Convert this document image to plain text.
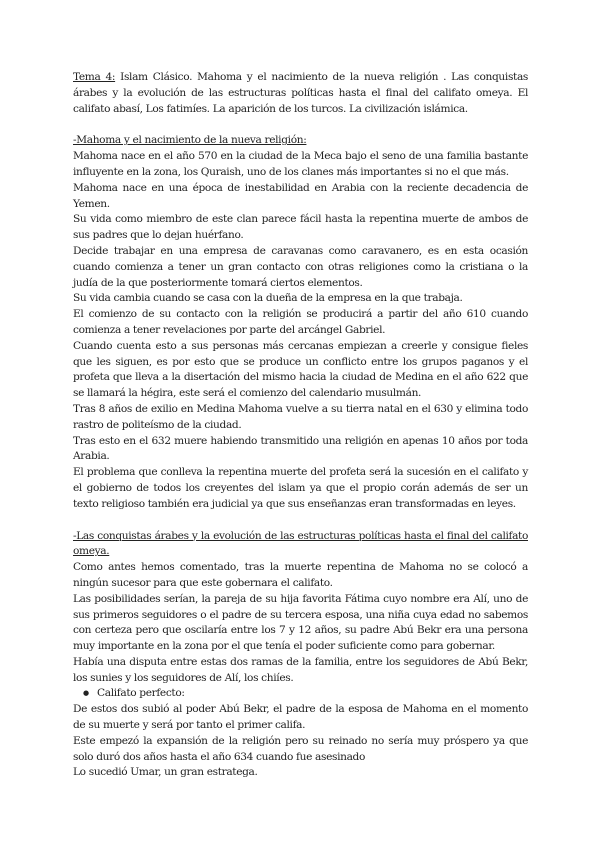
Tema 4: Islam Clásico. Mahoma y el nacimiento de la nueva religión . Las conquistas árabes y la evolución de las estructuras políticas hasta el final del califato omeya. El califato abasí, Los fatimíes. La aparición de los turcos. La civilización islámica.

-Mahoma y el nacimiento de la nueva religión:

Mahoma nace en el año 570 en la ciudad de la Meca bajo el seno de una familia bastante influyente en la zona, los Quraish, uno de los clanes más importantes si no el que más.

Mahoma nace en una época de inestabilidad en Arabia con la reciente decadencia de Yemen.

Su vida como miembro de este clan parece fácil hasta la repentina muerte de ambos de sus padres que lo dejan huérfano.

Decide trabajar en una empresa de caravanas como caravanero, es en esta ocasión cuando comienza a tener un gran contacto con otras religiones como la cristiana o la judía de la que posteriormente tomará ciertos elementos.

Su vida cambia cuando se casa con la dueña de la empresa en la que trabaja.

El comienzo de su contacto con la religión se producirá a partir del año 610 cuando comienza a tener revelaciones por parte del arcángel Gabriel.

Cuando cuenta esto a sus personas más cercanas empiezan a creerle y consigue fieles que les siguen, es por esto que se produce un conflicto entre los grupos paganos y el profeta que lleva a la disertación del mismo hacia la ciudad de Medina en el año 622 que se llamará la hégira, este será el comienzo del calendario musulmán.

Tras 8 años de exilio en Medina Mahoma vuelve a su tierra natal en el 630 y elimina todo rastro de politeísmo de la ciudad.

Tras esto en el 632 muere habiendo transmitido una religión en apenas 10 años por toda Arabia.

El problema que conlleva la repentina muerte del profeta será la sucesión en el califato y el gobierno de todos los creyentes del islam ya que el propio corán además de ser un texto religioso también era judicial ya que sus enseñanzas eran transformadas en leyes.

-Las conquistas árabes y la evolución de las estructuras políticas hasta el final del califato omeya.

Como antes hemos comentado, tras la muerte repentina de Mahoma no se colocó a ningún sucesor para que este gobernara el califato.

Las posibilidades serían, la pareja de su hija favorita Fátima cuyo nombre era Alí, uno de sus primeros seguidores o el padre de su tercera esposa, una niña cuya edad no sabemos con certeza pero que oscilaría entre los 7 y 12 años, su padre Abú Bekr era una persona muy importante en la zona por el que tenía el poder suficiente como para gobernar.

Había una disputa entre estas dos ramas de la familia, entre los seguidores de Abú Bekr, los sunies y los seguidores de Alí, los chiíes.

● Califato perfecto:

De estos dos subió al poder Abú Bekr, el padre de la esposa de Mahoma en el momento de su muerte y será por tanto el primer califa.

Este empezó la expansión de la religión pero su reinado no sería muy próspero ya que solo duró dos años hasta el año 634 cuando fue asesinado

Lo sucedió Umar, un gran estratega.
